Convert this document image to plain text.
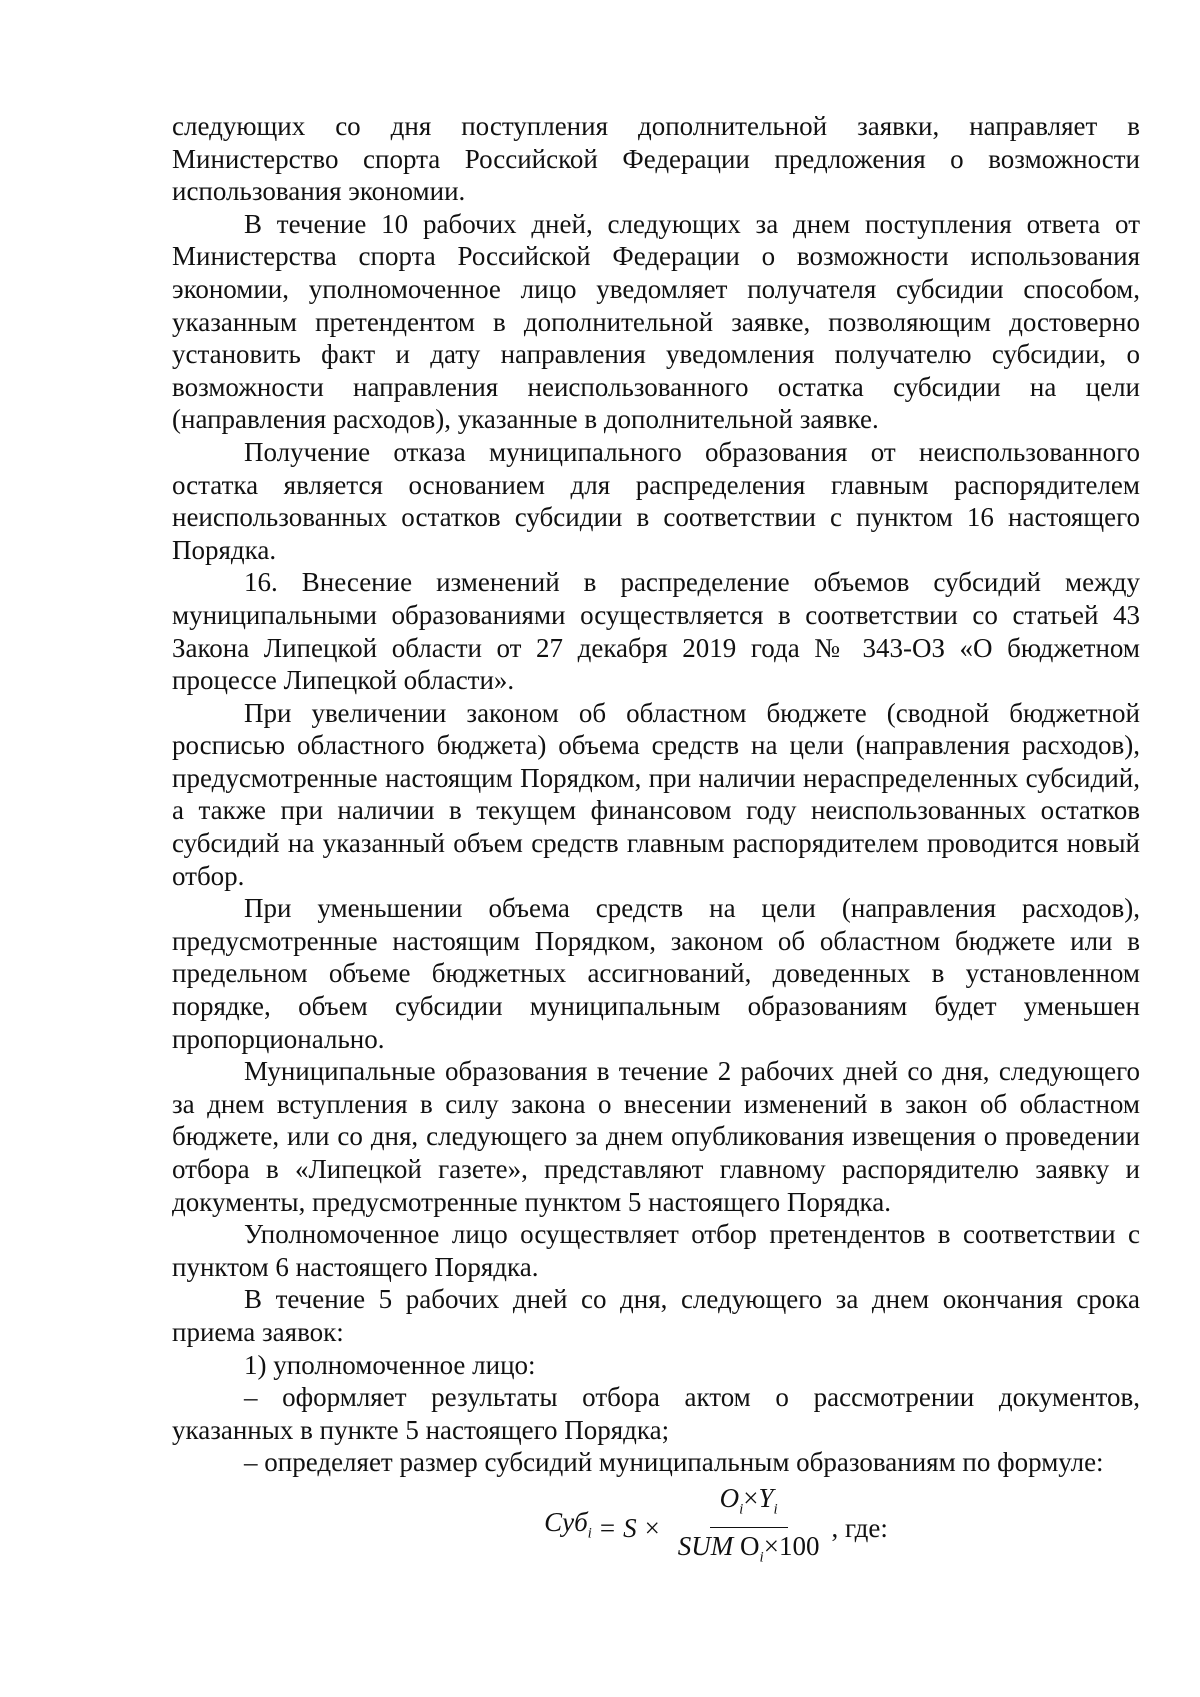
следующих со дня поступления дополнительной заявки, направляет в Министерство спорта Российской Федерации предложения о возможности использования экономии.

В течение 10 рабочих дней, следующих за днем поступления ответа от Министерства спорта Российской Федерации о возможности использования экономии, уполномоченное лицо уведомляет получателя субсидии способом, указанным претендентом в дополнительной заявке, позволяющим достоверно установить факт и дату направления уведомления получателю субсидии, о возможности направления неиспользованного остатка субсидии на цели (направления расходов), указанные в дополнительной заявке.

Получение отказа муниципального образования от неиспользованного остатка является основанием для распределения главным распорядителем неиспользованных остатков субсидии в соответствии с пунктом 16 настоящего Порядка.

16. Внесение изменений в распределение объемов субсидий между муниципальными образованиями осуществляется в соответствии со статьей 43 Закона Липецкой области от 27 декабря 2019 года № 343-ОЗ «О бюджетном процессе Липецкой области».

При увеличении законом об областном бюджете (сводной бюджетной росписью областного бюджета) объема средств на цели (направления расходов), предусмотренные настоящим Порядком, при наличии нераспределенных субсидий, а также при наличии в текущем финансовом году неиспользованных остатков субсидий на указанный объем средств главным распорядителем проводится новый отбор.

При уменьшении объема средств на цели (направления расходов), предусмотренные настоящим Порядком, законом об областном бюджете или в предельном объеме бюджетных ассигнований, доведенных в установленном порядке, объем субсидии муниципальным образованиям будет уменьшен пропорционально.

Муниципальные образования в течение 2 рабочих дней со дня, следующего за днем вступления в силу закона о внесении изменений в закон об областном бюджете, или со дня, следующего за днем опубликования извещения о проведении отбора в «Липецкой газете», представляют главному распорядителю заявку и документы, предусмотренные пунктом 5 настоящего Порядка.

Уполномоченное лицо осуществляет отбор претендентов в соответствии с пунктом 6 настоящего Порядка.

В течение 5 рабочих дней со дня, следующего за днем окончания срока приема заявок:

1) уполномоченное лицо:

– оформляет результаты отбора актом о рассмотрении документов, указанных в пункте 5 настоящего Порядка;

– определяет размер субсидий муниципальным образованиям по формуле:

$Суб_i = S \times \frac{O_i\times Y_i}{SUM O_i\times 100}$ , где:
